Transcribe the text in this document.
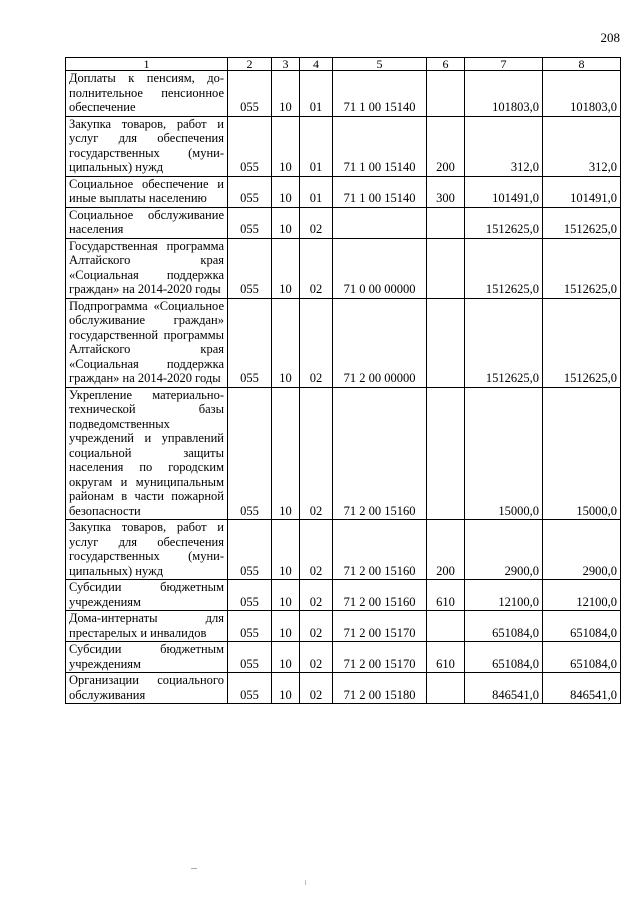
208
1	2	3	4	5	6	7	8
Доплаты к пенсиям, дополнительное пенсионное обеспечение	055	10	01	71 1 00 15140		101803,0	101803,0
Закупка товаров, работ и услуг для обеспечения государственных (муниципальных) нужд	055	10	01	71 1 00 15140	200	312,0	312,0
Социальное обеспечение и иные выплаты населению	055	10	01	71 1 00 15140	300	101491,0	101491,0
Социальное обслуживание населения	055	10	02			1512625,0	1512625,0
Государственная программа Алтайского края «Социальная поддержка граждан» на 2014-2020 годы	055	10	02	71 0 00 00000		1512625,0	1512625,0
Подпрограмма «Социальное обслуживание граждан» государственной программы Алтайского края «Социальная поддержка граждан» на 2014-2020 годы	055	10	02	71 2 00 00000		1512625,0	1512625,0
Укрепление материально-технической базы подведомственных учреждений и управлений социальной защиты населения по городским округам и муниципальным районам в части пожарной безопасности	055	10	02	71 2 00 15160		15000,0	15000,0
Закупка товаров, работ и услуг для обеспечения государственных (муниципальных) нужд	055	10	02	71 2 00 15160	200	2900,0	2900,0
Субсидии бюджетным учреждениям	055	10	02	71 2 00 15160	610	12100,0	12100,0
Дома-интернаты для престарелых и инвалидов	055	10	02	71 2 00 15170		651084,0	651084,0
Субсидии бюджетным учреждениям	055	10	02	71 2 00 15170	610	651084,0	651084,0
Организации социального обслуживания	055	10	02	71 2 00 15180		846541,0	846541,0
